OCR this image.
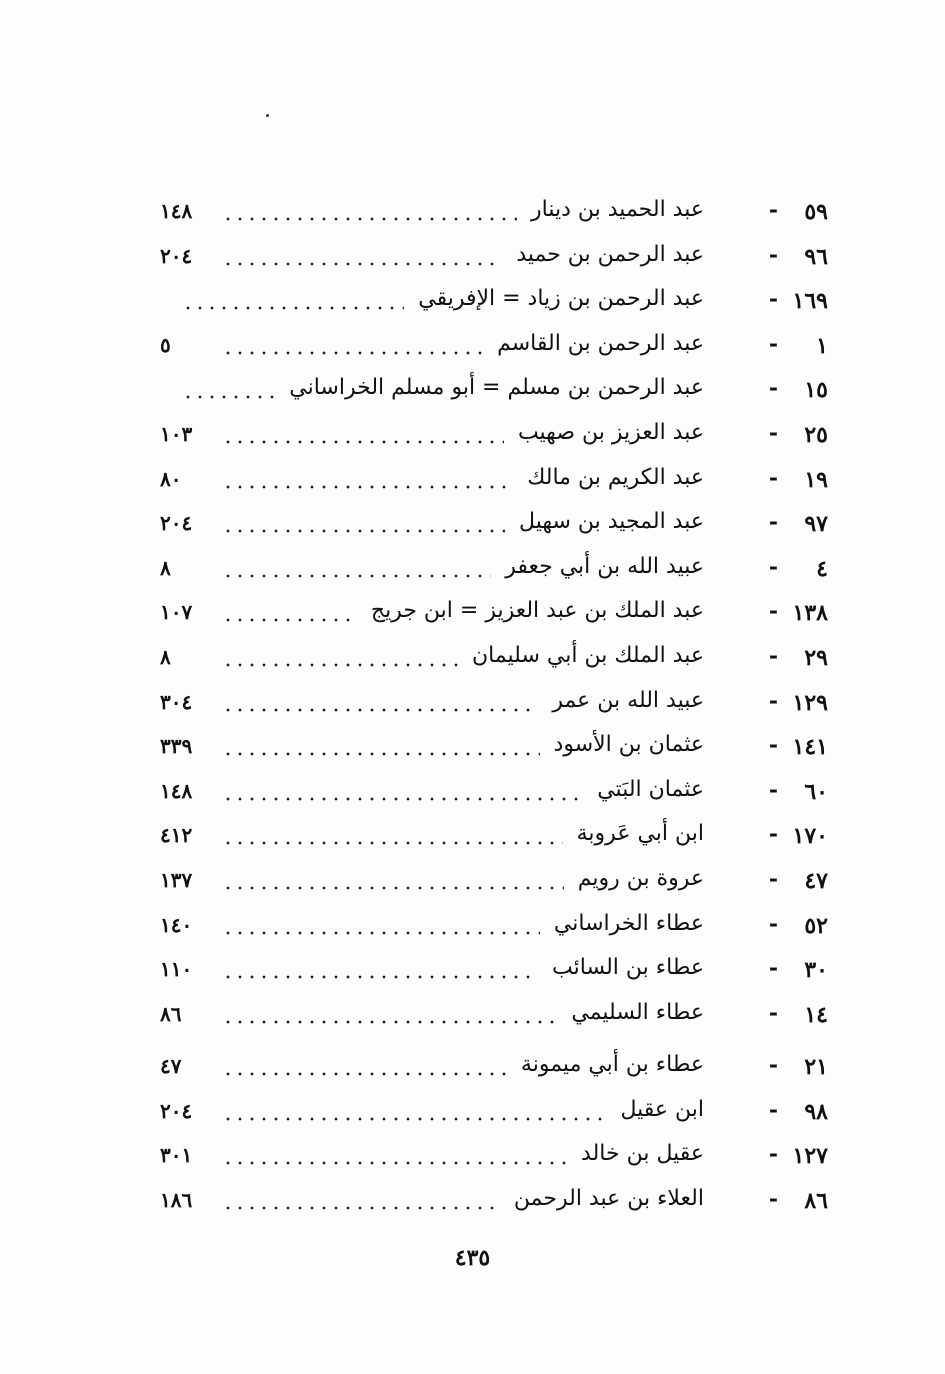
٥٩
-
عبد الحميد بن دينار
١٤٨
٩٦
-
عبد الرحمن بن حميد
٢٠٤
١٦٩
-
عبد الرحمن بن زياد = الإفريقي
١
-
عبد الرحمن بن القاسم
٥
١٥
-
عبد الرحمن بن مسلم = أبو مسلم الخراساني
٢٥
-
عبد العزيز بن صهيب
١٠٣
١٩
-
عبد الكريم بن مالك
٨٠
٩٧
-
عبد المجيد بن سهيل
٢٠٤
٤
-
عبيد الله بن أبي جعفر
٨
١٣٨
-
عبد الملك بن عبد العزيز = ابن جريج
١٠٧
٢٩
-
عبد الملك بن أبي سليمان
٨
١٢٩
-
عبيد الله بن عمر
٣٠٤
١٤١
-
عثمان بن الأسود
٣٣٩
٦٠
-
عثمان البَتي
١٤٨
١٧٠
-
ابن أبي عَروبة
٤١٢
٤٧
-
عروة بن رويم
١٣٧
٥٢
-
عطاء الخراساني
١٤٠
٣٠
-
عطاء بن السائب
١١٠
١٤
-
عطاء السليمي
٨٦
٢١
-
عطاء بن أبي ميمونة
٤٧
٩٨
-
ابن عقيل
٢٠٤
١٢٧
-
عقيل بن خالد
٣٠١
٨٦
-
العلاء بن عبد الرحمن
١٨٦
٤٣٥
